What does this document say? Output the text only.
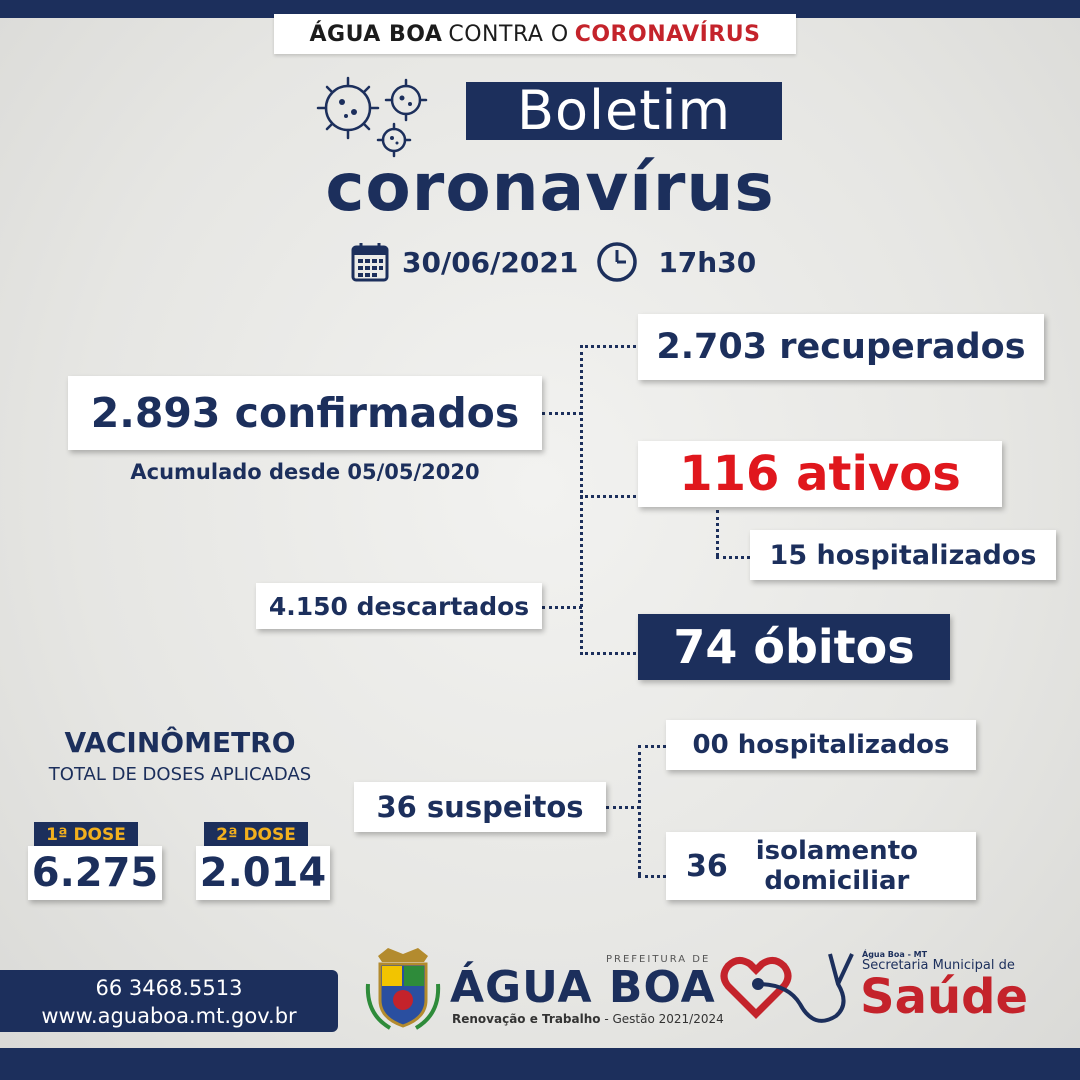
ÁGUA BOA CONTRA O CORONAVÍRUS
Boletim
coronavírus
30/06/2021	17h30
2.893 confirmados
Acumulado desde 05/05/2020
2.703 recuperados
116 ativos
15 hospitalizados
4.150 descartados
74 óbitos
VACINÔMETRO
TOTAL DE DOSES APLICADAS
1ª DOSE
6.275
2ª DOSE
2.014
36 suspeitos
00 hospitalizados
36 isolamento
domiciliar
66 3468.5513
www.aguaboa.mt.gov.br
PREFEITURA DE
ÁGUA BOA
Renovação e Trabalho - Gestão 2021/2024
Água Boa - MT
Secretaria Municipal de
Saúde
